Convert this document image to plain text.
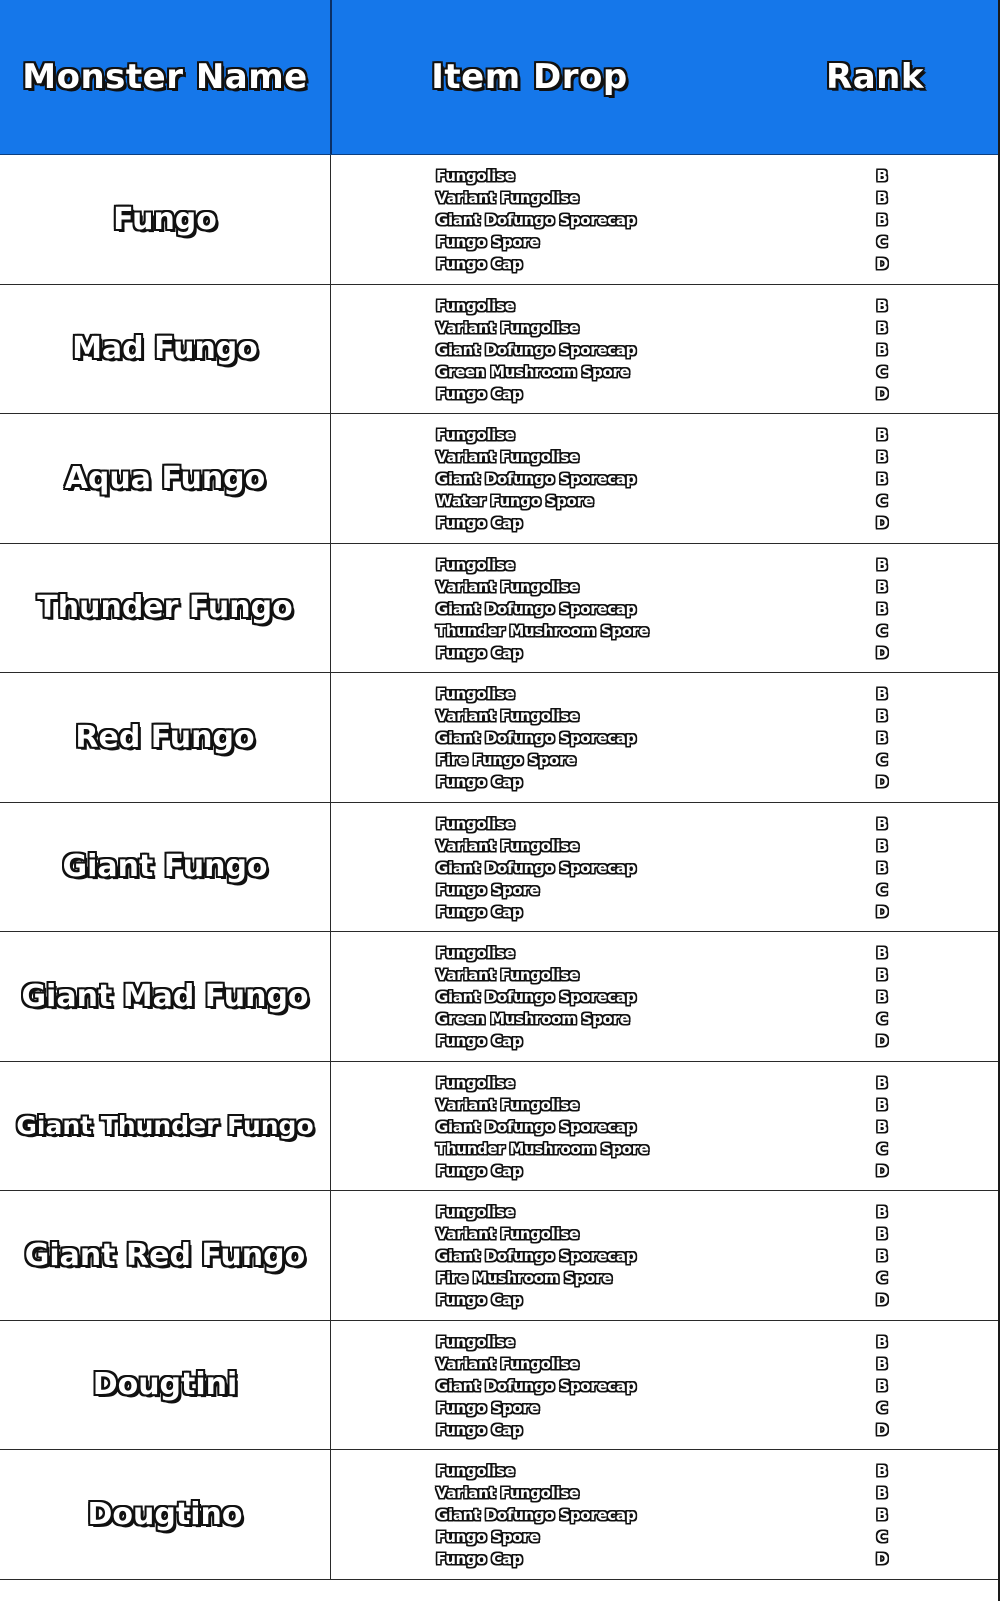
Monster Name	Item Drop	Rank
Fungo
Fungolise
Variant Fungolise
Giant Dofungo Sporecap
Fungo Spore
Fungo Cap
B
B
B
C
D
Mad Fungo
Fungolise
Variant Fungolise
Giant Dofungo Sporecap
Green Mushroom Spore
Fungo Cap
B
B
B
C
D
Aqua Fungo
Fungolise
Variant Fungolise
Giant Dofungo Sporecap
Water Fungo Spore
Fungo Cap
B
B
B
C
D
Thunder Fungo
Fungolise
Variant Fungolise
Giant Dofungo Sporecap
Thunder Mushroom Spore
Fungo Cap
B
B
B
C
D
Red Fungo
Fungolise
Variant Fungolise
Giant Dofungo Sporecap
Fire Fungo Spore
Fungo Cap
B
B
B
C
D
Giant Fungo
Fungolise
Variant Fungolise
Giant Dofungo Sporecap
Fungo Spore
Fungo Cap
B
B
B
C
D
Giant Mad Fungo
Fungolise
Variant Fungolise
Giant Dofungo Sporecap
Green Mushroom Spore
Fungo Cap
B
B
B
C
D
Giant Thunder Fungo
Fungolise
Variant Fungolise
Giant Dofungo Sporecap
Thunder Mushroom Spore
Fungo Cap
B
B
B
C
D
Giant Red Fungo
Fungolise
Variant Fungolise
Giant Dofungo Sporecap
Fire Mushroom Spore
Fungo Cap
B
B
B
C
D
Dougtini
Fungolise
Variant Fungolise
Giant Dofungo Sporecap
Fungo Spore
Fungo Cap
B
B
B
C
D
Dougtino
Fungolise
Variant Fungolise
Giant Dofungo Sporecap
Fungo Spore
Fungo Cap
B
B
B
C
D
